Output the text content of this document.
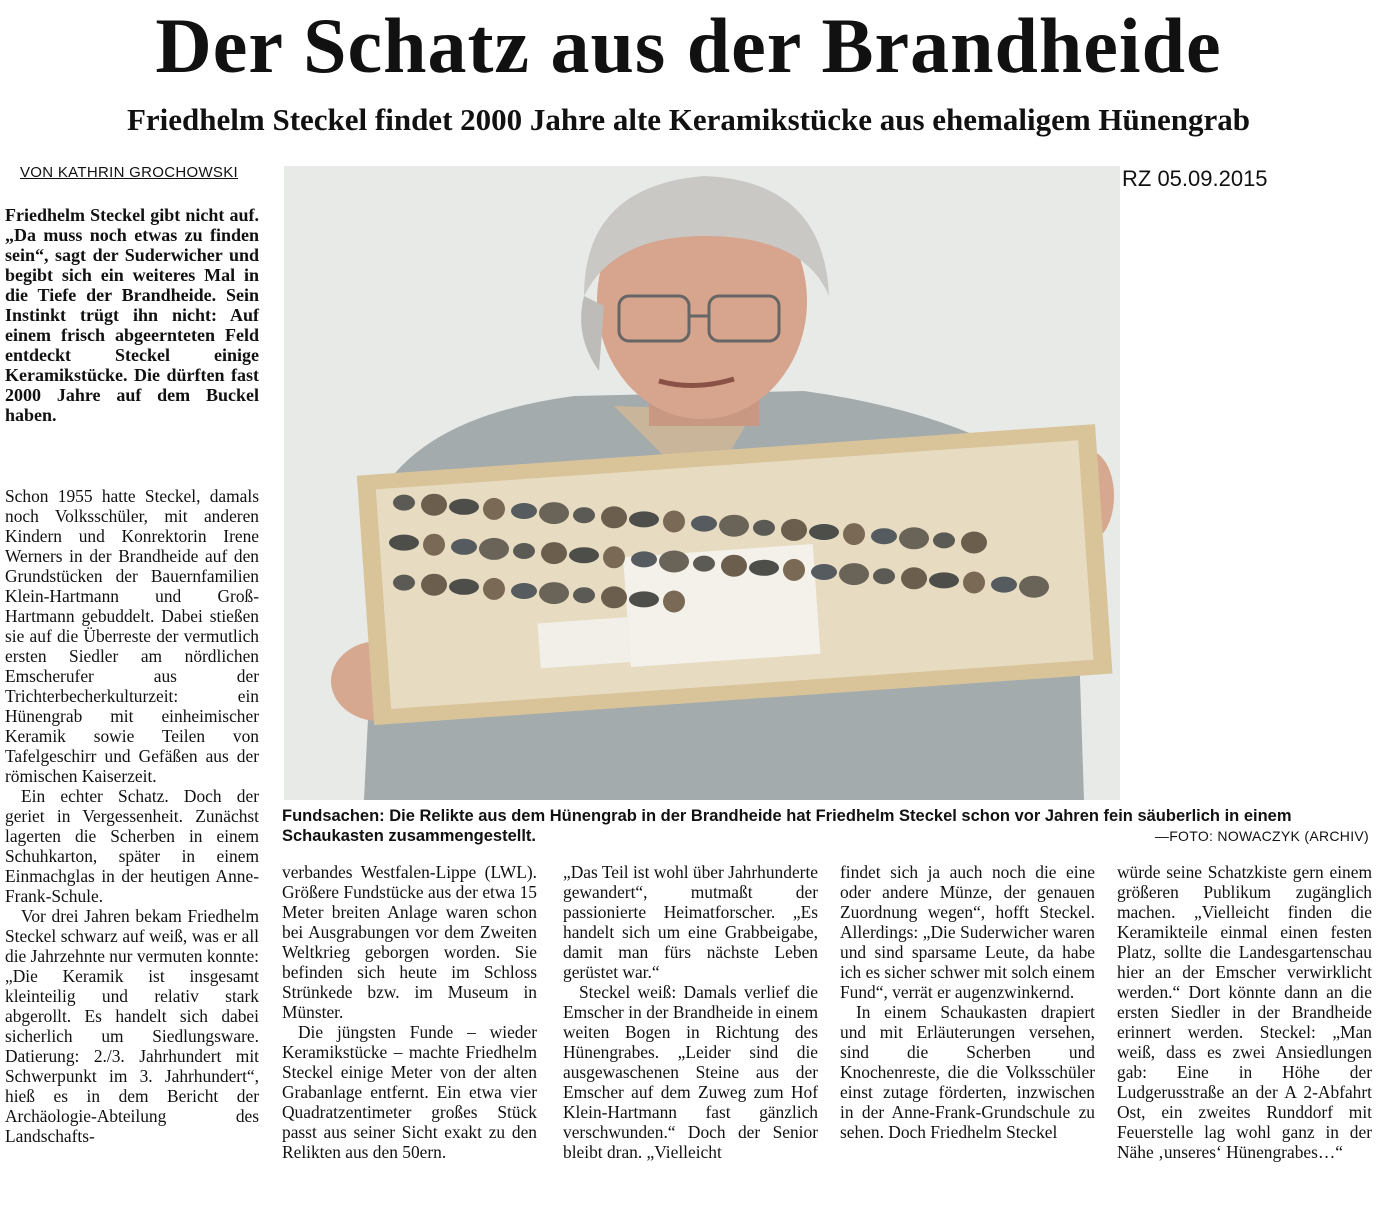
Der Schatz aus der Brandheide
Friedhelm Steckel findet 2000 Jahre alte Keramikstücke aus ehemaligem Hünengrab
VON KATHRIN GROCHOWSKI	RZ 05.09.2015
Fundsachen: Die Relikte aus dem Hünengrab in der Brandheide hat Friedhelm Steckel schon vor Jahren fein säuberlich in einem Schaukasten zusammengestellt.	—FOTO: NOWACZYK (ARCHIV)

Friedhelm Steckel gibt nicht auf. „Da muss noch etwas zu finden sein“, sagt der Suderwicher und begibt sich ein weiteres Mal in die Tiefe der Brandheide. Sein Instinkt trügt ihn nicht: Auf einem frisch abgeernteten Feld entdeckt Steckel einige Keramikstücke. Die dürften fast 2000 Jahre auf dem Buckel haben.

Schon 1955 hatte Steckel, damals noch Volksschüler, mit anderen Kindern und Konrektorin Irene Werners in der Brandheide auf den Grundstücken der Bauernfamilien Klein-Hartmann und Groß-Hartmann gebuddelt. Dabei stießen sie auf die Überreste der vermutlich ersten Siedler am nördlichen Emscherufer aus der Trichterbecherkulturzeit: ein Hünengrab mit einheimischer Keramik sowie Teilen von Tafelgeschirr und Gefäßen aus der römischen Kaiserzeit.

Ein echter Schatz. Doch der geriet in Vergessenheit. Zunächst lagerten die Scherben in einem Schuhkarton, später in einem Einmachglas in der heutigen Anne-Frank-Schule.

Vor drei Jahren bekam Friedhelm Steckel schwarz auf weiß, was er all die Jahrzehnte nur vermuten konnte: „Die Keramik ist insgesamt kleinteilig und relativ stark abgerollt. Es handelt sich dabei sicherlich um Siedlungsware. Datierung: 2./3. Jahrhundert mit Schwerpunkt im 3. Jahrhundert“, hieß es in dem Bericht der Archäologie-Abteilung des Landschafts-

verbandes Westfalen-Lippe (LWL). Größere Fundstücke aus der etwa 15 Meter breiten Anlage waren schon bei Ausgrabungen vor dem Zweiten Weltkrieg geborgen worden. Sie befinden sich heute im Schloss Strünkede bzw. im Museum in Münster.

Die jüngsten Funde – wieder Keramikstücke – machte Friedhelm Steckel einige Meter von der alten Grabanlage entfernt. Ein etwa vier Quadratzentimeter großes Stück passt aus seiner Sicht exakt zu den Relikten aus den 50ern.

„Das Teil ist wohl über Jahrhunderte gewandert“, mutmaßt der passionierte Heimatforscher. „Es handelt sich um eine Grabbeigabe, damit man fürs nächste Leben gerüstet war.“

Steckel weiß: Damals verlief die Emscher in der Brandheide in einem weiten Bogen in Richtung des Hünengrabes. „Leider sind die ausgewaschenen Steine aus der Emscher auf dem Zuweg zum Hof Klein-Hartmann fast gänzlich verschwunden.“ Doch der Senior bleibt dran. „Vielleicht

findet sich ja auch noch die eine oder andere Münze, der genauen Zuordnung wegen“, hofft Steckel. Allerdings: „Die Suderwicher waren und sind sparsame Leute, da habe ich es sicher schwer mit solch einem Fund“, verrät er augenzwinkernd.

In einem Schaukasten drapiert und mit Erläuterungen versehen, sind die Scherben und Knochenreste, die die Volksschüler einst zutage förderten, inzwischen in der Anne-Frank-Grundschule zu sehen. Doch Friedhelm Steckel

würde seine Schatzkiste gern einem größeren Publikum zugänglich machen. „Vielleicht finden die Keramikteile einmal einen festen Platz, sollte die Landesgartenschau hier an der Emscher verwirklicht werden.“ Dort könnte dann an die ersten Siedler in der Brandheide erinnert werden. Steckel: „Man weiß, dass es zwei Ansiedlungen gab: Eine in Höhe der Ludgerusstraße an der A 2-Abfahrt Ost, ein zweites Runddorf mit Feuerstelle lag wohl ganz in der Nähe ‚unseres‘ Hünengrabes…“
